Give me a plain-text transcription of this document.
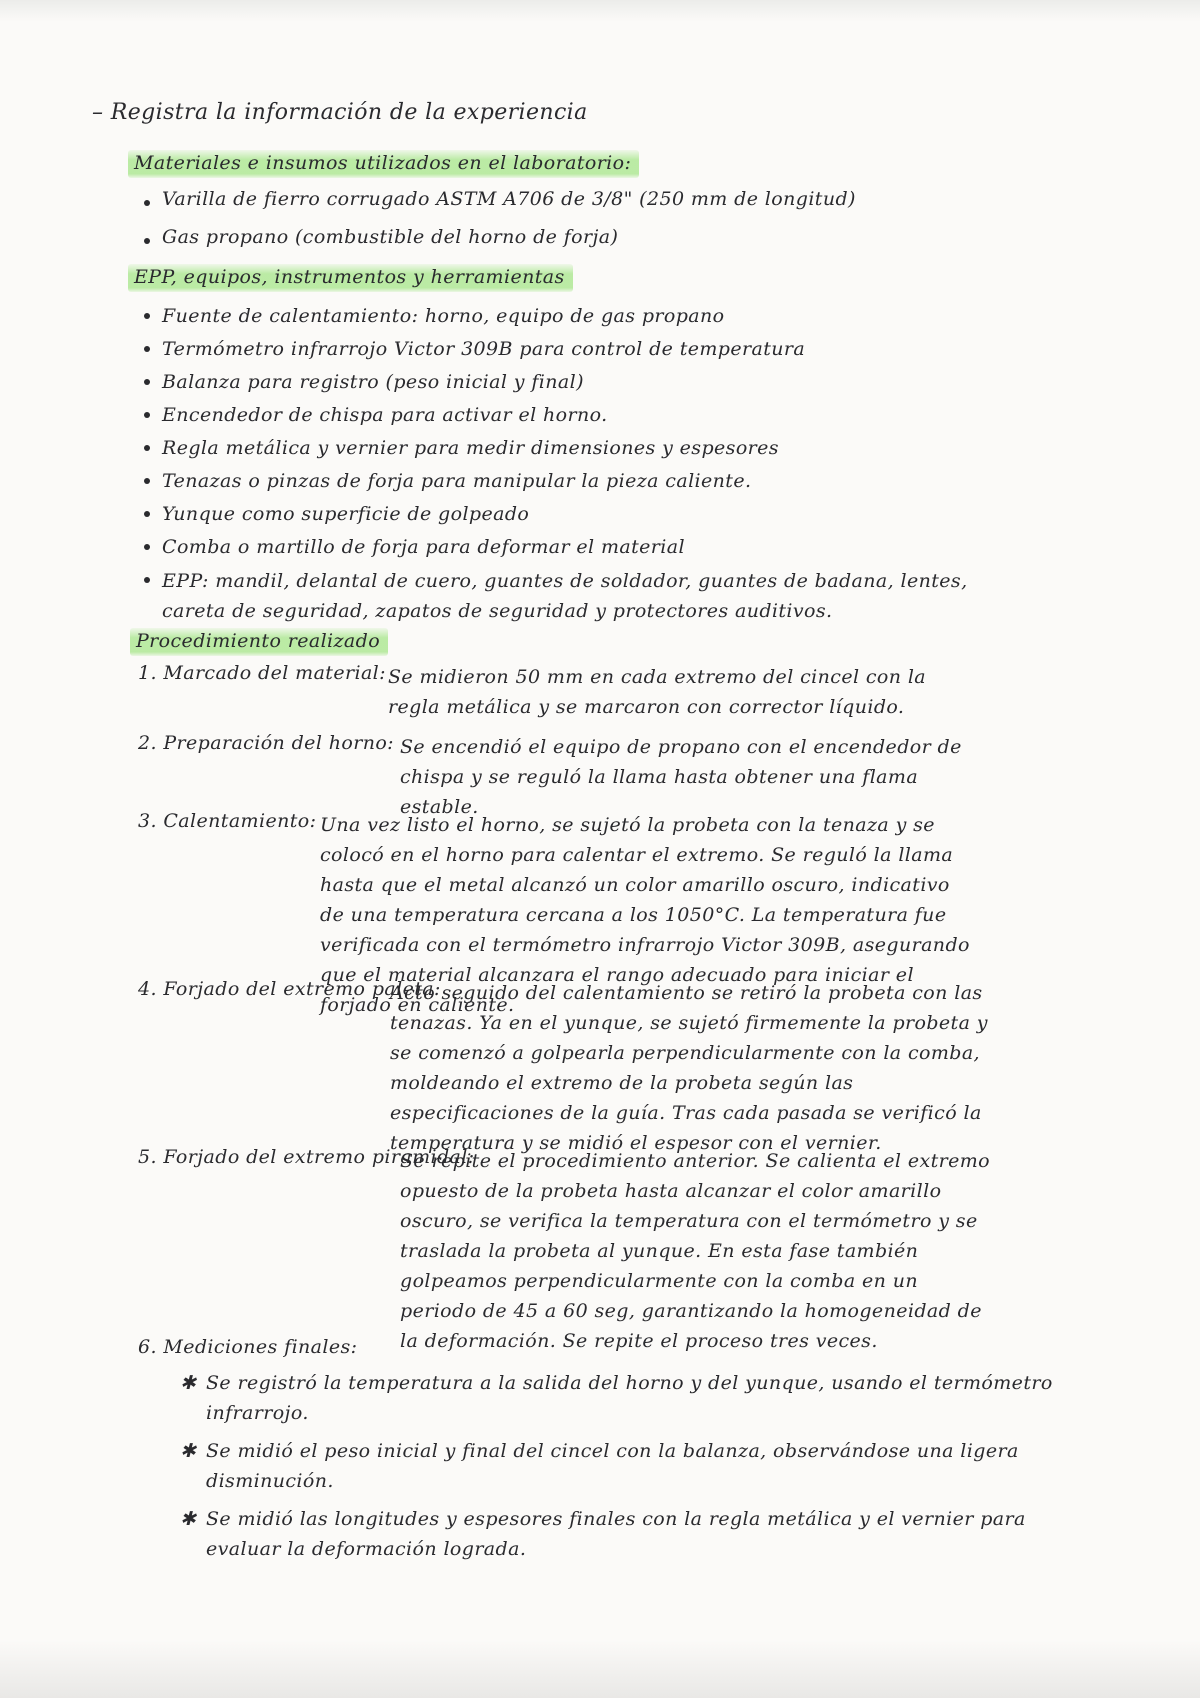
– Registra la información de la experiencia
Materiales e insumos utilizados en el laboratorio:
Varilla de fierro corrugado ASTM A706 de 3/8" (250 mm de longitud)
Gas propano (combustible del horno de forja)
EPP, equipos, instrumentos y herramientas
Fuente de calentamiento: horno, equipo de gas propano
Termómetro infrarrojo Victor 309B para control de temperatura
Balanza para registro (peso inicial y final)
Encendedor de chispa para activar el horno.
Regla metálica y vernier para medir dimensiones y espesores
Tenazas o pinzas de forja para manipular la pieza caliente.
Yunque como superficie de golpeado
Comba o martillo de forja para deformar el material
EPP: mandil, delantal de cuero, guantes de soldador, guantes de badana, lentes, careta de seguridad, zapatos de seguridad y protectores auditivos.
Procedimiento realizado
1. Marcado del material: Se midieron 50 mm en cada extremo del cincel con la regla metálica y se marcaron con corrector líquido.
2. Preparación del horno: Se encendió el equipo de propano con el encendedor de chispa y se reguló la llama hasta obtener una flama estable.
3. Calentamiento: Una vez listo el horno, se sujetó la probeta con la tenaza y se colocó en el horno para calentar el extremo. Se reguló la llama hasta que el metal alcanzó un color amarillo oscuro, indicativo de una temperatura cercana a los 1050°C. La temperatura fue verificada con el termómetro infrarrojo Victor 309B, asegurando que el material alcanzara el rango adecuado para iniciar el forjado en caliente.
4. Forjado del extremo paleta:
Acto seguido del calentamiento se retiró la probeta con las tenazas. Ya en el yunque, se sujetó firmemente la probeta y se comenzó a golpearla perpendicularmente con la comba, moldeando el extremo de la probeta según las especificaciones de la guía. Tras cada pasada se verificó la temperatura y se midió el espesor con el vernier.
5. Forjado del extremo piramidal:
Se repite el procedimiento anterior. Se calienta el extremo opuesto de la probeta hasta alcanzar el color amarillo oscuro, se verifica la temperatura con el termómetro y se traslada la probeta al yunque. En esta fase también golpeamos perpendicularmente con la comba en un periodo de 45 a 60 seg, garantizando la homogeneidad de la deformación. Se repite el proceso tres veces.
6. Mediciones finales:
✱ Se registró la temperatura a la salida del horno y del yunque, usando el termómetro infrarrojo.
✱ Se midió el peso inicial y final del cincel con la balanza, observándose una ligera disminución.
✱ Se midió las longitudes y espesores finales con la regla metálica y el vernier para evaluar la deformación lograda.
